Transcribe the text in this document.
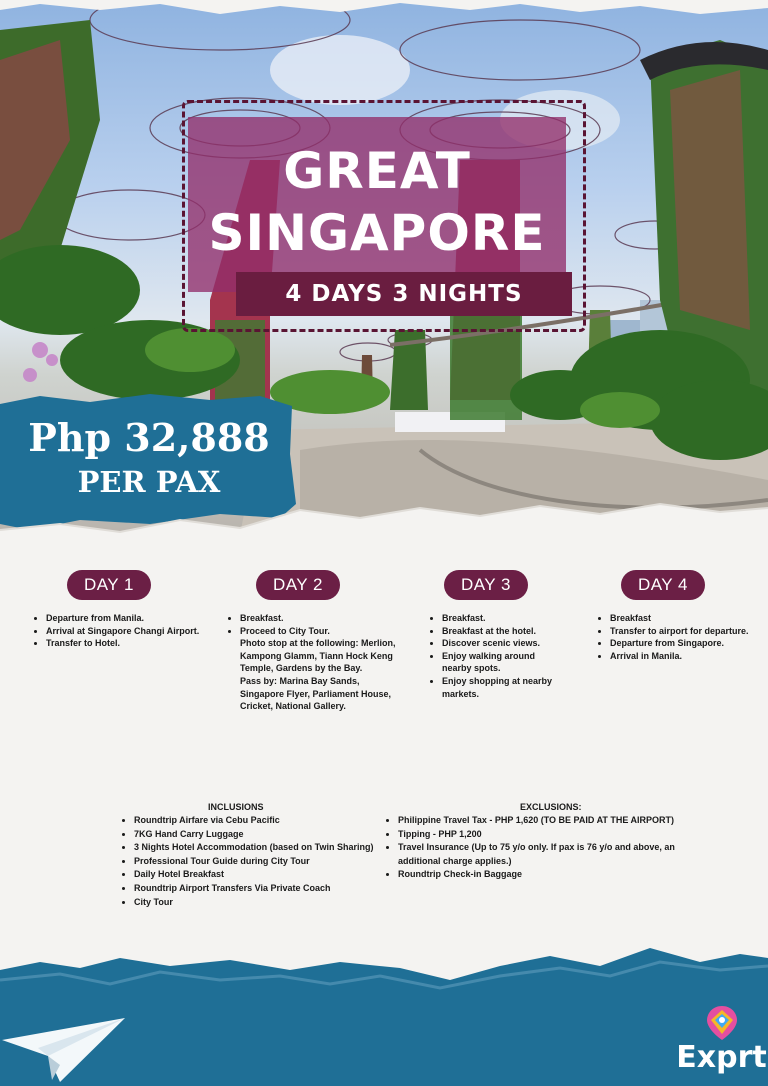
GREAT
SINGAPORE
4 DAYS 3 NIGHTS
Php 32,888
PER PAX
DAY 1
• Departure from Manila.
• Arrival at Singapore Changi Airport.
• Transfer to Hotel.
DAY 2
• Breakfast.
• Proceed to City Tour.
Photo stop at the following: Merlion, Kampong Glamm, Tiann Hock Keng Temple, Gardens by the Bay.
Pass by: Marina Bay Sands, Singapore Flyer, Parliament House, Cricket, National Gallery.
DAY 3
• Breakfast.
• Breakfast at the hotel.
• Discover scenic views.
• Enjoy walking around nearby spots.
• Enjoy shopping at nearby markets.
DAY 4
• Breakfast
• Transfer to airport for departure.
• Departure from Singapore.
• Arrival in Manila.
INCLUSIONS
• Roundtrip Airfare via Cebu Pacific
• 7KG Hand Carry Luggage
• 3 Nights Hotel Accommodation (based on Twin Sharing)
• Professional Tour Guide during City Tour
• Daily Hotel Breakfast
• Roundtrip Airport Transfers Via Private Coach
• City Tour
EXCLUSIONS:
• Philippine Travel Tax - PHP 1,620 (TO BE PAID AT THE AIRPORT)
• Tipping - PHP 1,200
• Travel Insurance (Up to 75 y/o only. If pax is 76 y/o and above, an additional charge applies.)
• Roundtrip Check-in Baggage
Exprt
